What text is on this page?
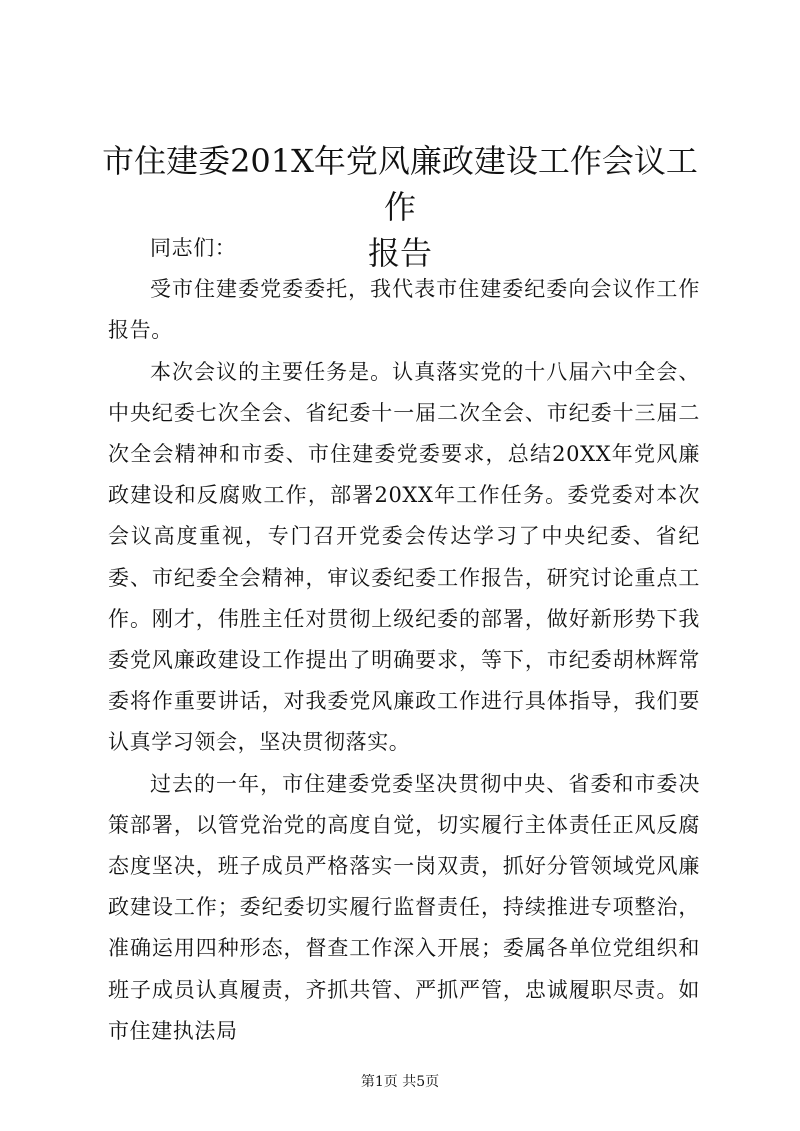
市住建委201X年党风廉政建设工作会议工作
报告

同志们：

受市住建委党委委托，我代表市住建委纪委向会议作工作报告。

本次会议的主要任务是。认真落实党的十八届六中全会、中央纪委七次全会、省纪委十一届二次全会、市纪委十三届二次全会精神和市委、市住建委党委要求，总结20XX年党风廉政建设和反腐败工作，部署20XX年工作任务。委党委对本次会议高度重视，专门召开党委会传达学习了中央纪委、省纪委、市纪委全会精神，审议委纪委工作报告，研究讨论重点工作。刚才，伟胜主任对贯彻上级纪委的部署，做好新形势下我委党风廉政建设工作提出了明确要求，等下，市纪委胡林辉常委将作重要讲话，对我委党风廉政工作进行具体指导，我们要认真学习领会，坚决贯彻落实。

过去的一年，市住建委党委坚决贯彻中央、省委和市委决策部署，以管党治党的高度自觉，切实履行主体责任正风反腐态度坚决，班子成员严格落实一岗双责，抓好分管领域党风廉政建设工作；委纪委切实履行监督责任，持续推进专项整治，准确运用四种形态，督查工作深入开展；委属各单位党组织和班子成员认真履责，齐抓共管、严抓严管，忠诚履职尽责。如市住建执法局

第1页 共5页
